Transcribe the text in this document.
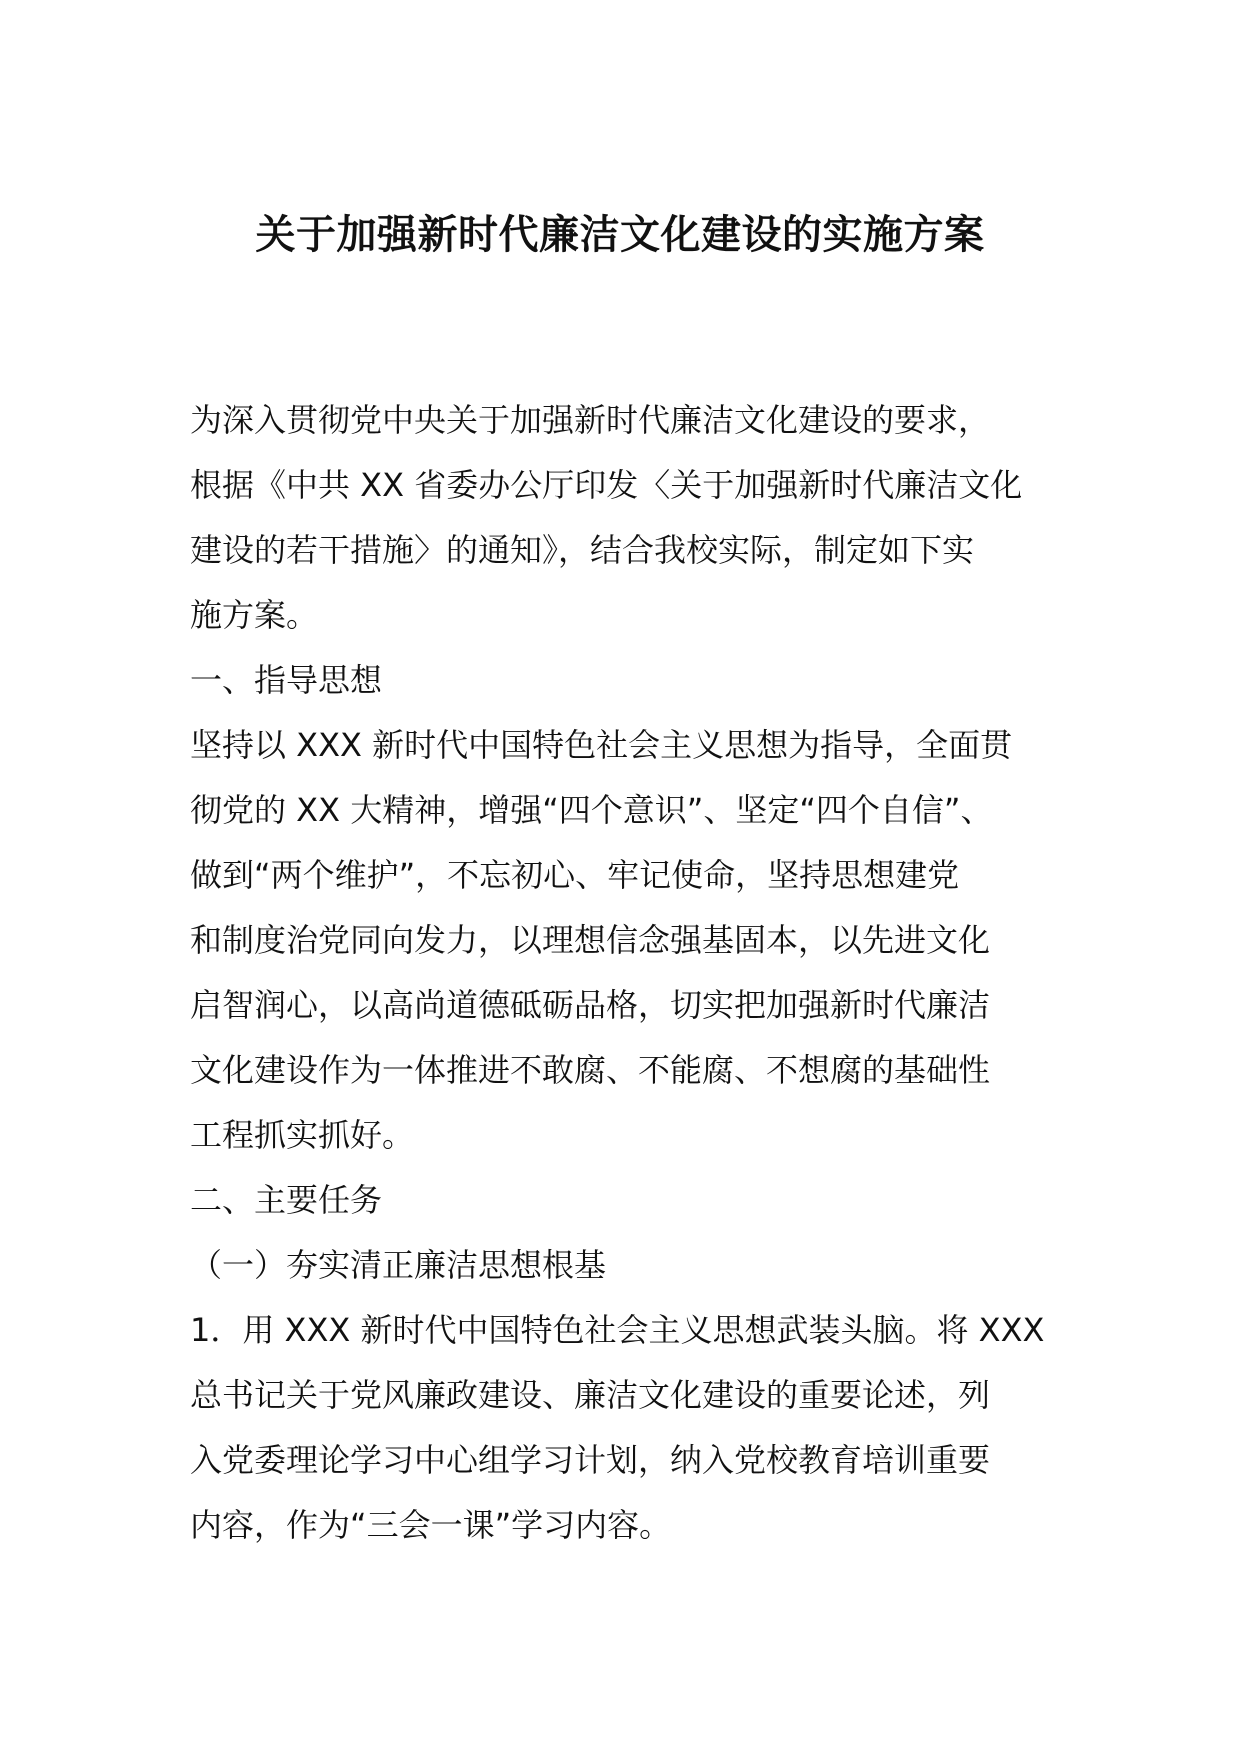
关于加强新时代廉洁文化建设的实施方案

为深入贯彻党中央关于加强新时代廉洁文化建设的要求，
根据《中共 XX 省委办公厅印发〈关于加强新时代廉洁文化
建设的若干措施〉的通知》，结合我校实际，制定如下实
施方案。

一、指导思想

坚持以 XXX 新时代中国特色社会主义思想为指导，全面贯
彻党的 XX 大精神，增强“四个意识”、坚定“四个自信”、
做到“两个维护”，不忘初心、牢记使命，坚持思想建党
和制度治党同向发力，以理想信念强基固本，以先进文化
启智润心，以高尚道德砥砺品格，切实把加强新时代廉洁
文化建设作为一体推进不敢腐、不能腐、不想腐的基础性
工程抓实抓好。

二、主要任务

（一）夯实清正廉洁思想根基

1．用 XXX 新时代中国特色社会主义思想武装头脑。将 XXX
总书记关于党风廉政建设、廉洁文化建设的重要论述，列
入党委理论学习中心组学习计划，纳入党校教育培训重要
内容，作为“三会一课”学习内容。
